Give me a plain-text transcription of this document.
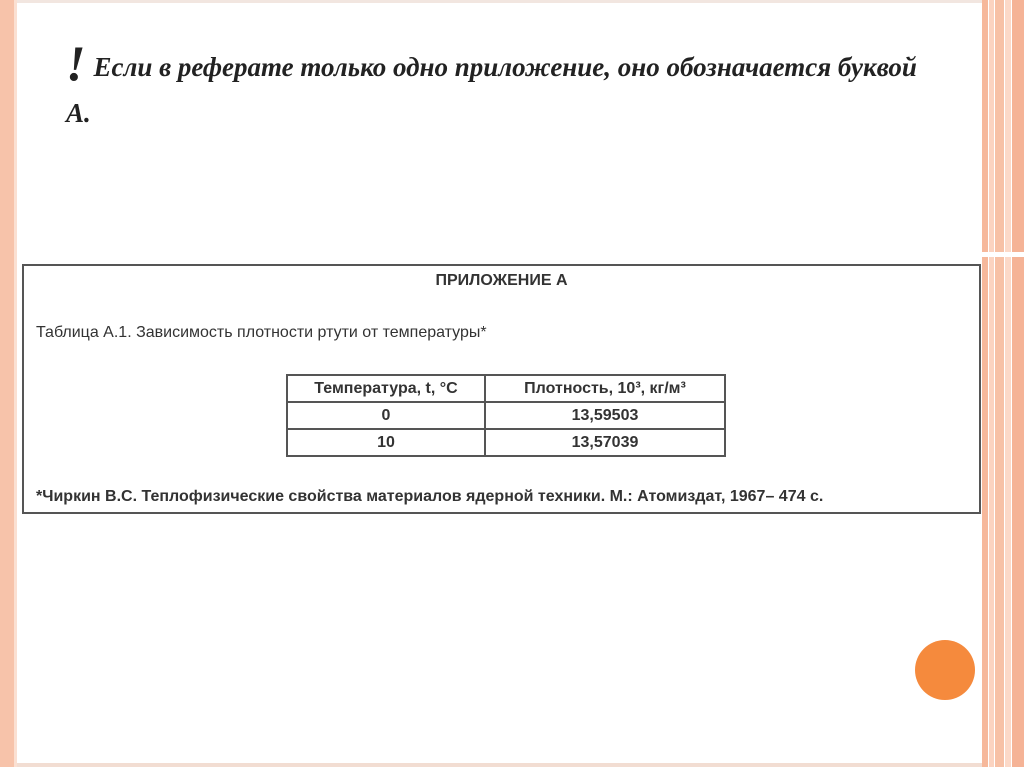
! Если в реферате только одно приложение, оно обозначается буквой А.
ПРИЛОЖЕНИЕ А
Таблица А.1. Зависимость плотности ртути от температуры*
Температура, t, °С	Плотность, 10³, кг/м³
0	13,59503
10	13,57039
*Чиркин В.С. Теплофизические свойства материалов ядерной техники. М.: Атомиздат, 1967– 474 с.
